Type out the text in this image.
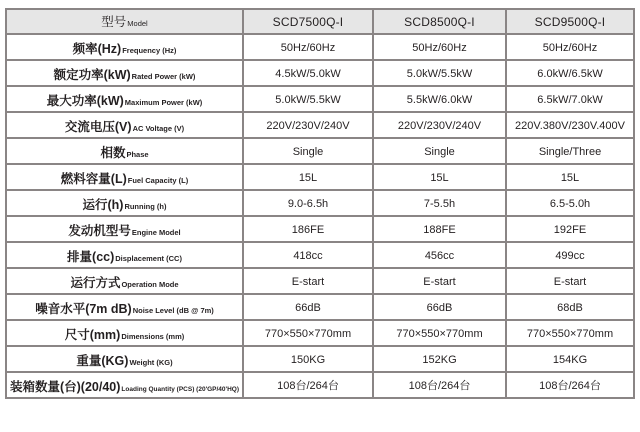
型号Model	SCD7500Q-I	SCD8500Q-I	SCD9500Q-I
频率(Hz)Frequency (Hz)	50Hz/60Hz	50Hz/60Hz	50Hz/60Hz
额定功率(kW)Rated Power (kW)	4.5kW/5.0kW	5.0kW/5.5kW	6.0kW/6.5kW
最大功率(kW)Maximum Power (kW)	5.0kW/5.5kW	5.5kW/6.0kW	6.5kW/7.0kW
交流电压(V)AC Voltage (V)	220V/230V/240V	220V/230V/240V	220V.380V/230V.400V
相数Phase	Single	Single	Single/Three
燃料容量(L)Fuel Capacity (L)	15L	15L	15L
运行(h)Running (h)	9.0-6.5h	7-5.5h	6.5-5.0h
发动机型号Engine Model	186FE	188FE	192FE
排量(cc)Displacement (CC)	418cc	456cc	499cc
运行方式Operation Mode	E-start	E-start	E-start
噪音水平(7m dB)Noise Level (dB @ 7m)	66dB	66dB	68dB
尺寸(mm)Dimensions (mm)	770×550×770mm	770×550×770mm	770×550×770mm
重量(KG)Weight (KG)	150KG	152KG	154KG
装箱数量(台)(20/40)Loading Quantity (PCS) (20'GP/40'HQ)	108台/264台	108台/264台	108台/264台
